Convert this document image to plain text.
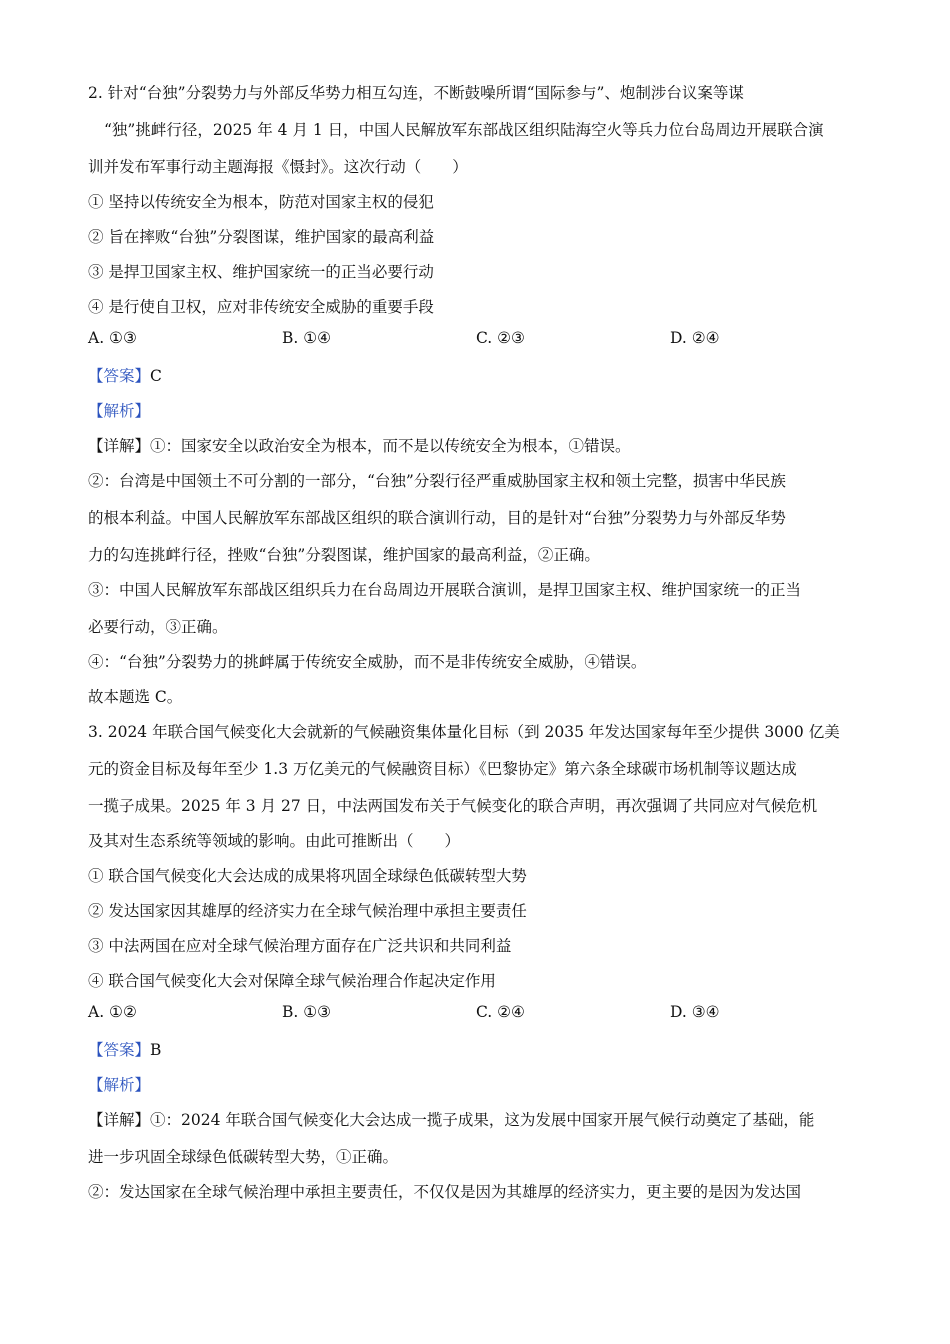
2. 针对“台独”分裂势力与外部反华势力相互勾连，不断鼓噪所谓“国际参与”、炮制涉台议案等谋
“独”挑衅行径，2025 年 4 月 1 日，中国人民解放军东部战区组织陆海空火等兵力位台岛周边开展联合演
训并发布军事行动主题海报《慑封》。这次行动（　　）
① 坚持以传统安全为根本，防范对国家主权的侵犯
② 旨在摔败“台独”分裂图谋，维护国家的最高利益
③ 是捍卫国家主权、维护国家统一的正当必要行动
④ 是行使自卫权，应对非传统安全威胁的重要手段
A. ①③	B. ①④	C. ②③	D. ②④
【答案】C
【解析】
【详解】①：国家安全以政治安全为根本，而不是以传统安全为根本，①错误。
②：台湾是中国领土不可分割的一部分，“台独”分裂行径严重威胁国家主权和领土完整，损害中华民族
的根本利益。中国人民解放军东部战区组织的联合演训行动，目的是针对“台独”分裂势力与外部反华势
力的勾连挑衅行径，挫败“台独”分裂图谋，维护国家的最高利益，②正确。
③：中国人民解放军东部战区组织兵力在台岛周边开展联合演训，是捍卫国家主权、维护国家统一的正当
必要行动，③正确。
④：“台独”分裂势力的挑衅属于传统安全威胁，而不是非传统安全威胁，④错误。
故本题选 C。
3. 2024 年联合国气候变化大会就新的气候融资集体量化目标（到 2035 年发达国家每年至少提供 3000 亿美
元的资金目标及每年至少 1.3 万亿美元的气候融资目标）《巴黎协定》第六条全球碳市场机制等议题达成
一揽子成果。2025 年 3 月 27 日，中法两国发布关于气候变化的联合声明，再次强调了共同应对气候危机
及其对生态系统等领域的影响。由此可推断出（　　）
① 联合国气候变化大会达成的成果将巩固全球绿色低碳转型大势
② 发达国家因其雄厚的经济实力在全球气候治理中承担主要责任
③ 中法两国在应对全球气候治理方面存在广泛共识和共同利益
④ 联合国气候变化大会对保障全球气候治理合作起决定作用
A. ①②	B. ①③	C. ②④	D. ③④
【答案】B
【解析】
【详解】①：2024 年联合国气候变化大会达成一揽子成果，这为发展中国家开展气候行动奠定了基础，能
进一步巩固全球绿色低碳转型大势，①正确。
②：发达国家在全球气候治理中承担主要责任，不仅仅是因为其雄厚的经济实力，更主要的是因为发达国
